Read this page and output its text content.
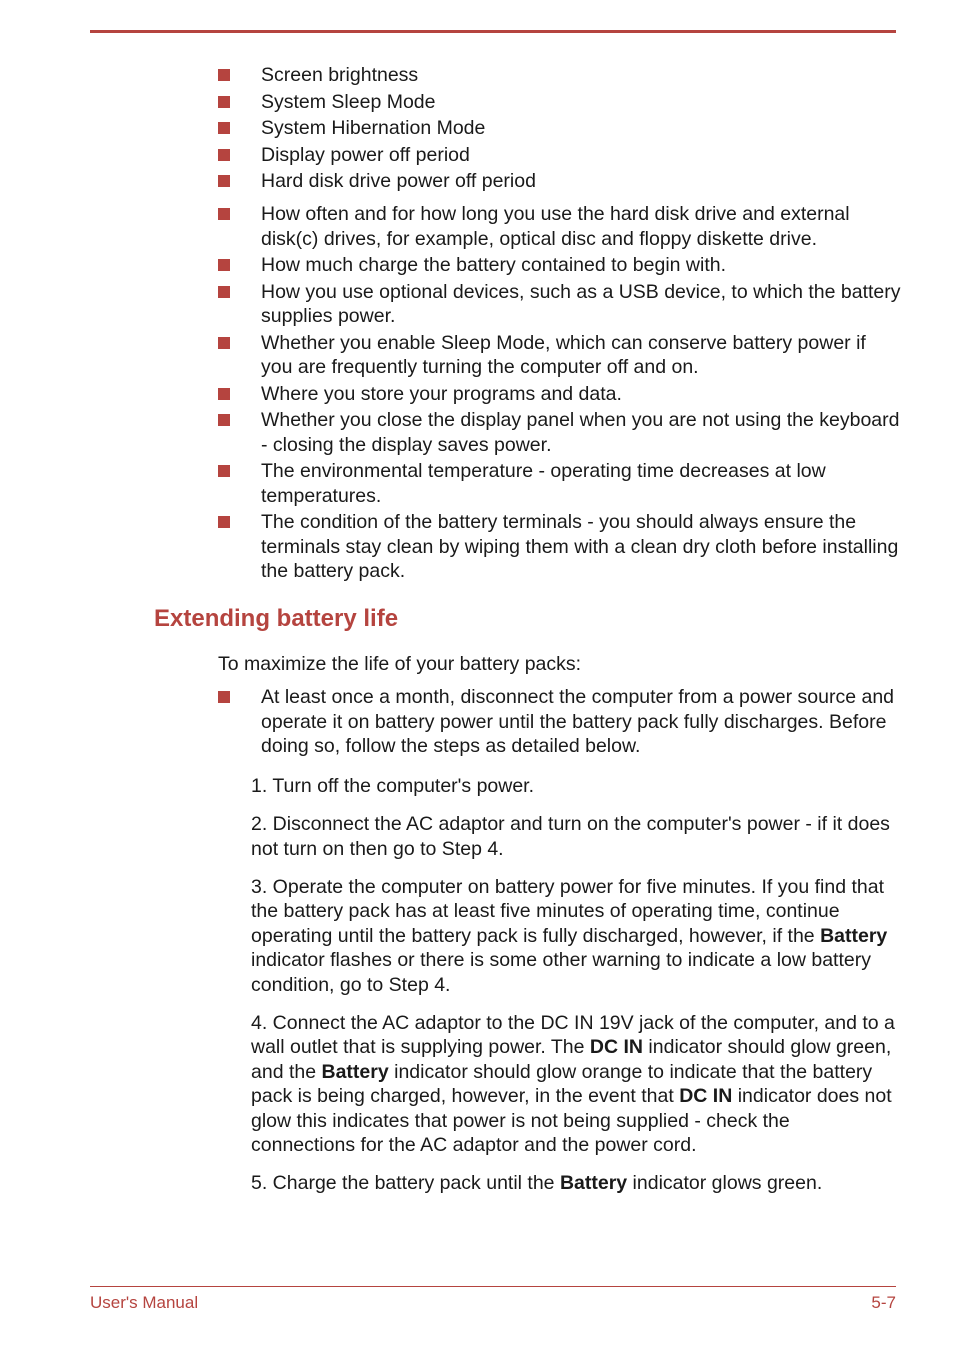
Screen brightness
System Sleep Mode
System Hibernation Mode
Display power off period
Hard disk drive power off period
How often and for how long you use the hard disk drive and external disk(c) drives, for example, optical disc and floppy diskette drive.
How much charge the battery contained to begin with.
How you use optional devices, such as a USB device, to which the battery supplies power.
Whether you enable Sleep Mode, which can conserve battery power if you are frequently turning the computer off and on.
Where you store your programs and data.
Whether you close the display panel when you are not using the keyboard - closing the display saves power.
The environmental temperature - operating time decreases at low temperatures.
The condition of the battery terminals - you should always ensure the terminals stay clean by wiping them with a clean dry cloth before installing the battery pack.
Extending battery life

To maximize the life of your battery packs:

At least once a month, disconnect the computer from a power source and operate it on battery power until the battery pack fully discharges. Before doing so, follow the steps as detailed below.

1. Turn off the computer's power.

2. Disconnect the AC adaptor and turn on the computer's power - if it does not turn on then go to Step 4.

3. Operate the computer on battery power for five minutes. If you find that the battery pack has at least five minutes of operating time, continue operating until the battery pack is fully discharged, however, if the Battery indicator flashes or there is some other warning to indicate a low battery condition, go to Step 4.

4. Connect the AC adaptor to the DC IN 19V jack of the computer, and to a wall outlet that is supplying power. The DC IN indicator should glow green, and the Battery indicator should glow orange to indicate that the battery pack is being charged, however, in the event that DC IN indicator does not glow this indicates that power is not being supplied - check the connections for the AC adaptor and the power cord.

5. Charge the battery pack until the Battery indicator glows green.

User's Manual	5-7
